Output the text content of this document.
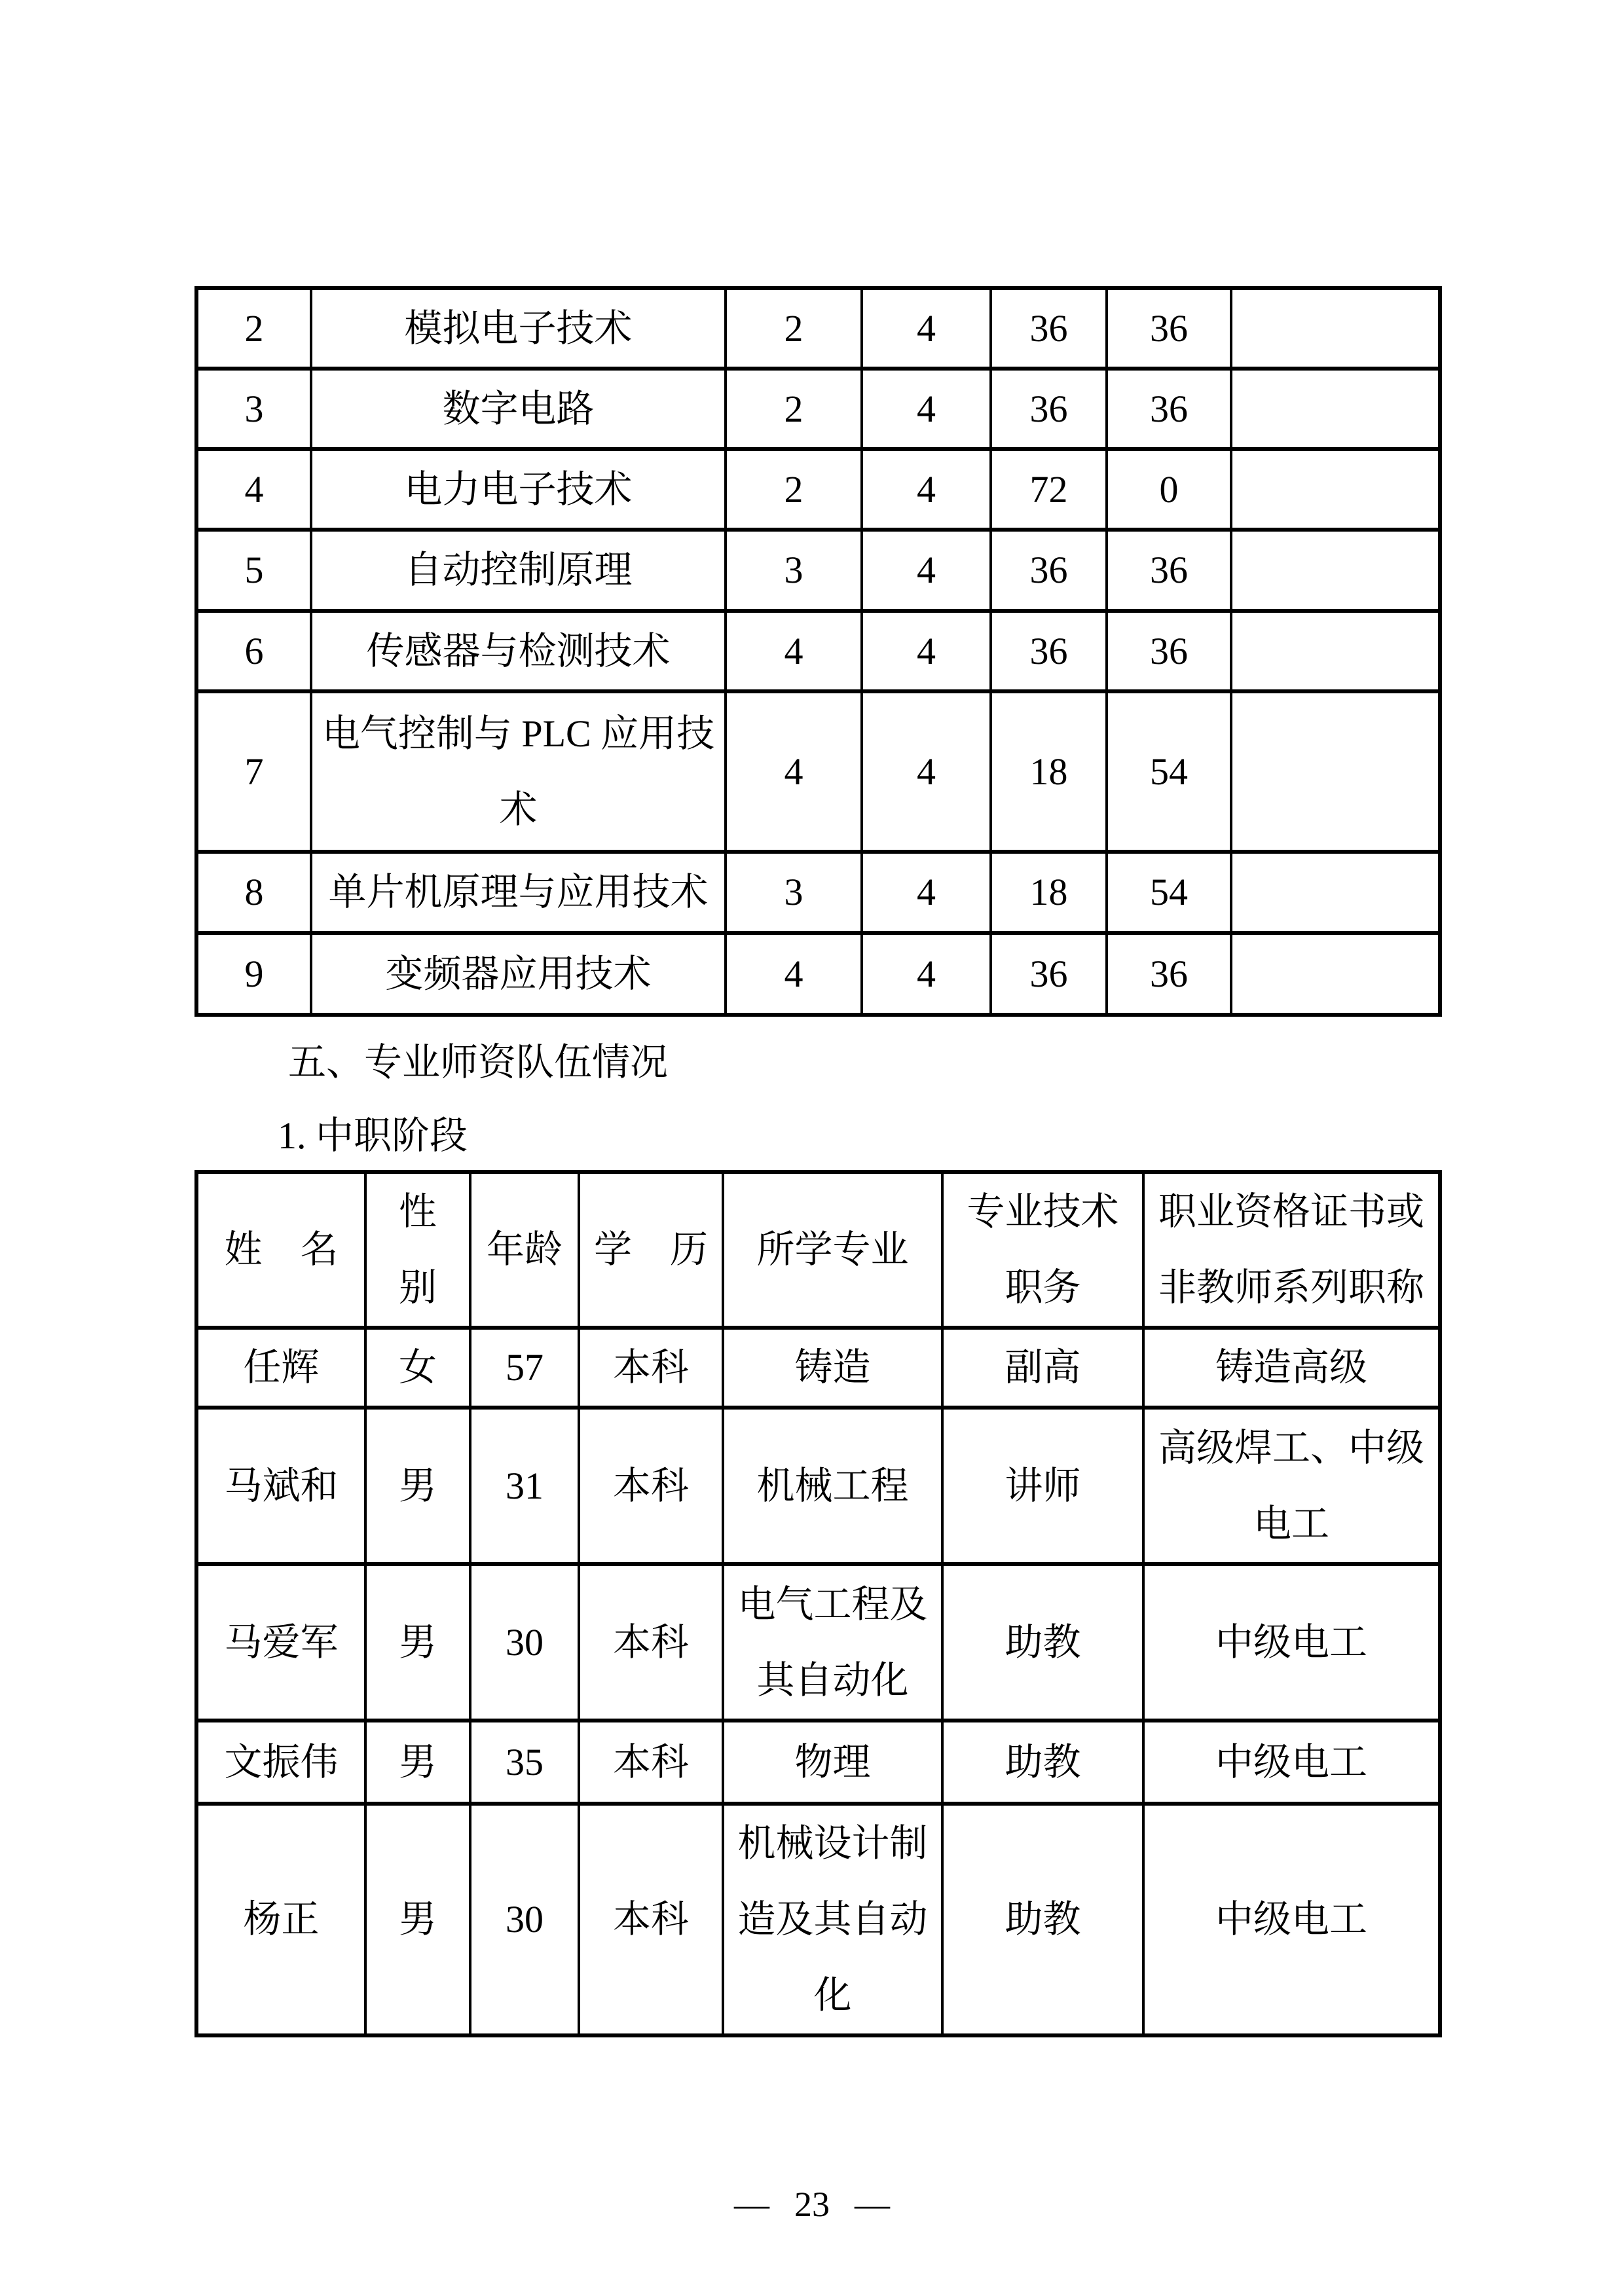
2	模拟电子技术	2	4	36	36	
3	数字电路	2	4	36	36	
4	电力电子技术	2	4	72	0	
5	自动控制原理	3	4	36	36	
6	传感器与检测技术	4	4	36	36	
7	电气控制与 PLC 应用技术	4	4	18	54	
8	单片机原理与应用技术	3	4	18	54	
9	变频器应用技术	4	4	36	36	
五、专业师资队伍情况
1. 中职阶段
姓　名	性别	年龄	学　历	所学专业	专业技术职务	职业资格证书或非教师系列职称
任辉	女	57	本科	铸造	副高	铸造高级
马斌和	男	31	本科	机械工程	讲师	高级焊工、中级电工
马爱军	男	30	本科	电气工程及其自动化	助教	中级电工
文振伟	男	35	本科	物理	助教	中级电工
杨正	男	30	本科	机械设计制造及其自动化	助教	中级电工
— 23 —
